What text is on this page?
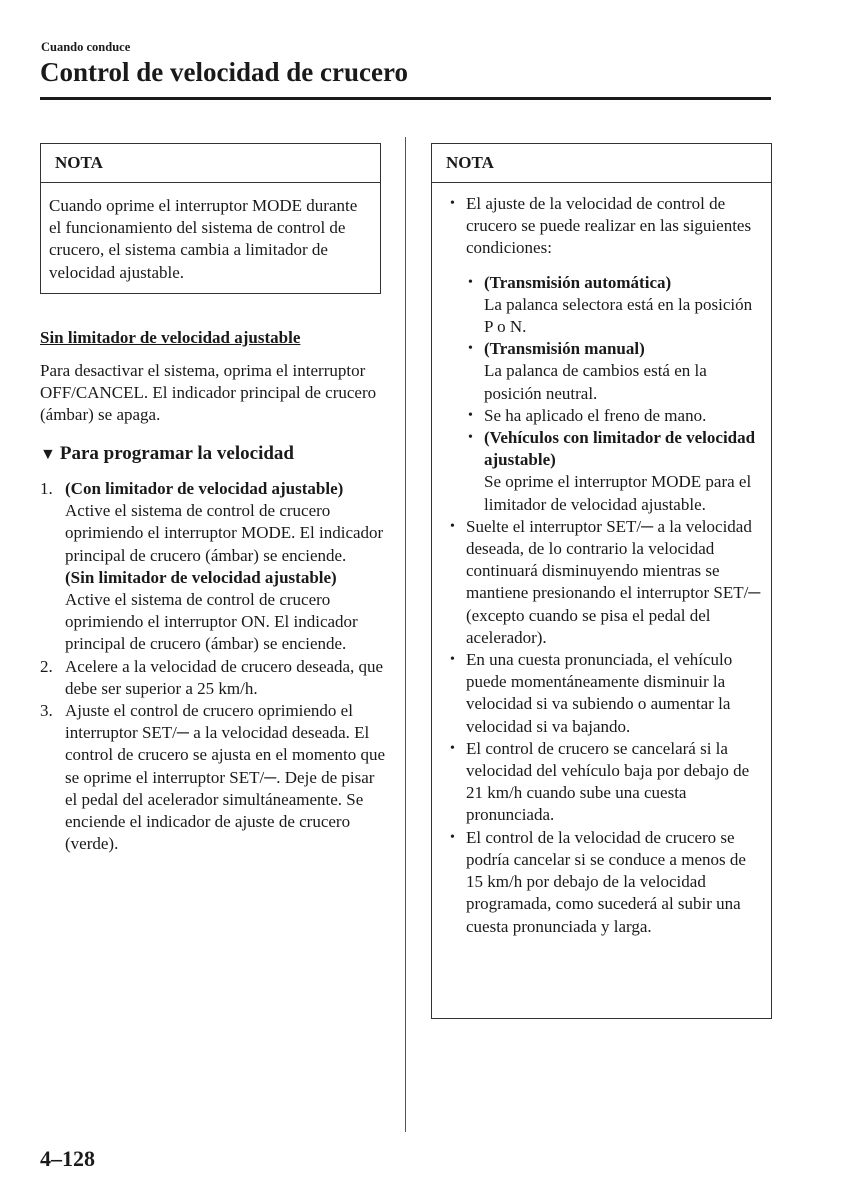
Cuando conduce
Control de velocidad de crucero
NOTA
Cuando oprime el interruptor MODE durante el funcionamiento del sistema de control de crucero, el sistema cambia a limitador de velocidad ajustable.
Sin limitador de velocidad ajustable
Para desactivar el sistema, oprima el interruptor OFF/CANCEL. El indicador principal de crucero (ámbar) se apaga.
▼ Para programar la velocidad
1. (Con limitador de velocidad ajustable)
Active el sistema de control de crucero oprimiendo el interruptor MODE. El indicador principal de crucero (ámbar) se enciende.
(Sin limitador de velocidad ajustable)
Active el sistema de control de crucero oprimiendo el interruptor ON. El indicador principal de crucero (ámbar) se enciende.
2. Acelere a la velocidad de crucero deseada, que debe ser superior a 25 km/h.
3. Ajuste el control de crucero oprimiendo el interruptor SET/─ a la velocidad deseada. El control de crucero se ajusta en el momento que se oprime el interruptor SET/─. Deje de pisar el pedal del acelerador simultáneamente. Se enciende el indicador de ajuste de crucero (verde).
NOTA
• El ajuste de la velocidad de control de crucero se puede realizar en las siguientes condiciones:
• (Transmisión automática)
La palanca selectora está en la posición P o N.
• (Transmisión manual)
La palanca de cambios está en la posición neutral.
• Se ha aplicado el freno de mano.
• (Vehículos con limitador de velocidad ajustable)
Se oprime el interruptor MODE para el limitador de velocidad ajustable.
• Suelte el interruptor SET/─ a la velocidad deseada, de lo contrario la velocidad continuará disminuyendo mientras se mantiene presionando el interruptor SET/─ (excepto cuando se pisa el pedal del acelerador).
• En una cuesta pronunciada, el vehículo puede momentáneamente disminuir la velocidad si va subiendo o aumentar la velocidad si va bajando.
• El control de crucero se cancelará si la velocidad del vehículo baja por debajo de 21 km/h cuando sube una cuesta pronunciada.
• El control de la velocidad de crucero se podría cancelar si se conduce a menos de 15 km/h por debajo de la velocidad programada, como sucederá al subir una cuesta pronunciada y larga.
4–128
